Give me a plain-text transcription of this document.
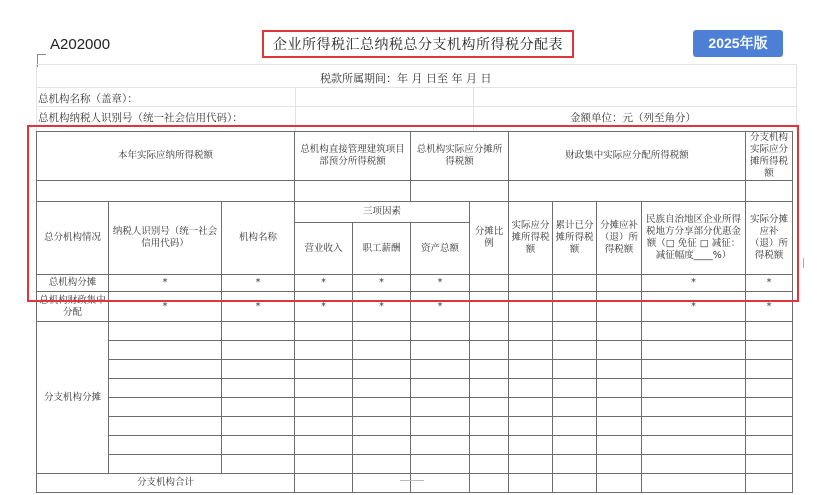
A202000	企业所得税汇总纳税总分支机构所得税分配表	2025年版
税款所属期间：年 月 日至 年 月 日
总机构名称（盖章）：
总机构纳税人识别号（统一社会信用代码）：	金额单位：元（列至角分）
本年实际应纳所得税额			总机构直接管理建筑项目部预分所得税额		总机构实际应分摊所得税额		财政集中实际应分配所得税额				分支机构实际应分摊所得税额

总分机构情况	纳税人识别号（统一社会信用代码）	机构名称	三项因素			分摊比例	实际应分摊所得税额	累计已分摊所得税额	分摊应补（退）所得税额	民族自治地区企业所得税地方分享部分优惠金额（□ 免征 □ 减征：减征幅度____%）	实际分摊应补（退）所得税额
			营业收入	职工薪酬	资产总额						
总机构分摊	*	*	*	*	*					*	*
总机构财政集中分配	*	*	*	*	*					*	*
分支机构分摊											

分支机构合计											
